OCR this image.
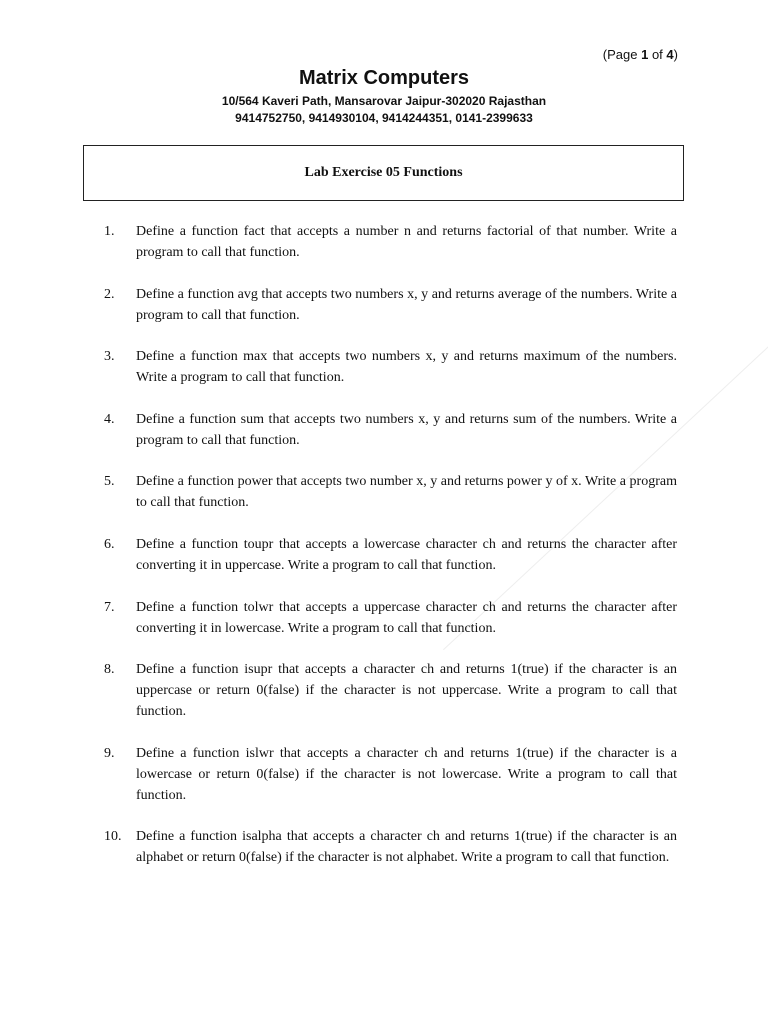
(Page 1 of 4)
Matrix Computers
10/564 Kaveri Path, Mansarovar Jaipur-302020 Rajasthan
9414752750, 9414930104, 9414244351, 0141-2399633
Lab Exercise 05 Functions
1.	Define a function fact that accepts a number n and returns factorial of that number. Write a program to call that function.
2.	Define a function avg that accepts two numbers x, y and returns average of the numbers. Write a program to call that function.
3.	Define a function max that accepts two numbers x, y and returns maximum of the numbers. Write a program to call that function.
4.	Define a function sum that accepts two numbers x, y and returns sum of the numbers. Write a program to call that function.
5.	Define a function power that accepts two number x, y and returns power y of x. Write a program to call that function.
6.	Define a function toupr that accepts a lowercase character ch and returns the character after converting it in uppercase. Write a program to call that function.
7.	Define a function tolwr that accepts a uppercase character ch and returns the character after converting it in lowercase. Write a program to call that function.
8.	Define a function isupr that accepts a character ch and returns 1(true) if the character is an uppercase or return 0(false) if the character is not uppercase. Write a program to call that function.
9.	Define a function islwr that accepts a character ch and returns 1(true) if the character is a lowercase or return 0(false) if the character is not lowercase. Write a program to call that function.
10.	Define a function isalpha that accepts a character ch and returns 1(true) if the character is an alphabet or return 0(false) if the character is not alphabet. Write a program to call that function.
